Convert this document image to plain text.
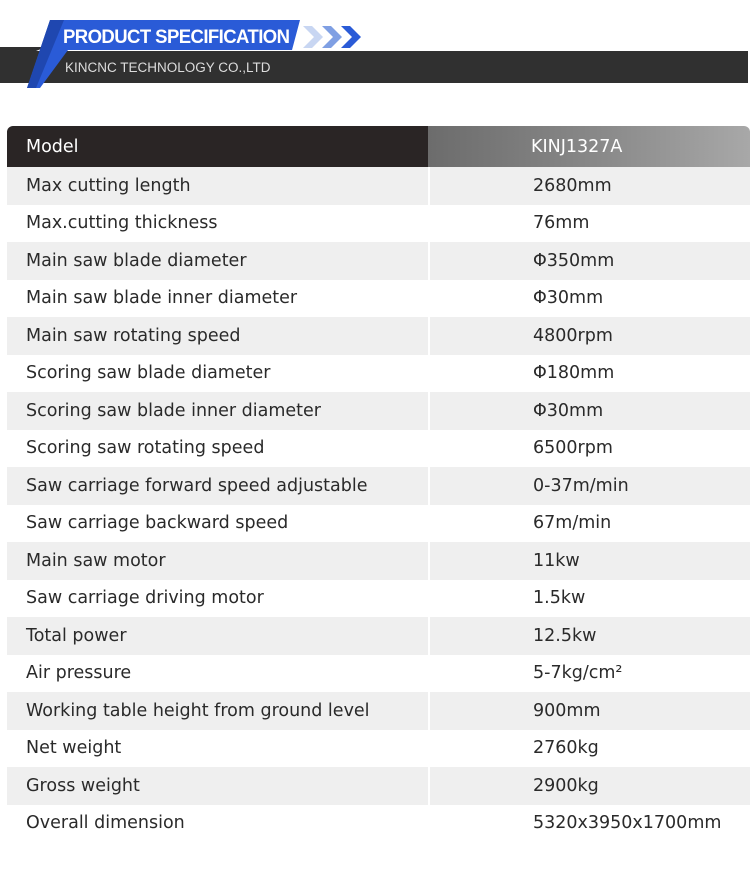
PRODUCT SPECIFICATION
KINCNC TECHNOLOGY CO.,LTD
Model	KINJ1327A
Max cutting length	2680mm
Max.cutting thickness	76mm
Main saw blade diameter	Φ350mm
Main saw blade inner diameter	Φ30mm
Main saw rotating speed	4800rpm
Scoring saw blade diameter	Φ180mm
Scoring saw blade inner diameter	Φ30mm
Scoring saw rotating speed	6500rpm
Saw carriage forward speed adjustable	0-37m/min
Saw carriage backward speed	67m/min
Main saw motor	11kw
Saw carriage driving motor	1.5kw
Total power	12.5kw
Air pressure	5-7kg/cm²
Working table height from ground level	900mm
Net weight	2760kg
Gross weight	2900kg
Overall dimension	5320x3950x1700mm
